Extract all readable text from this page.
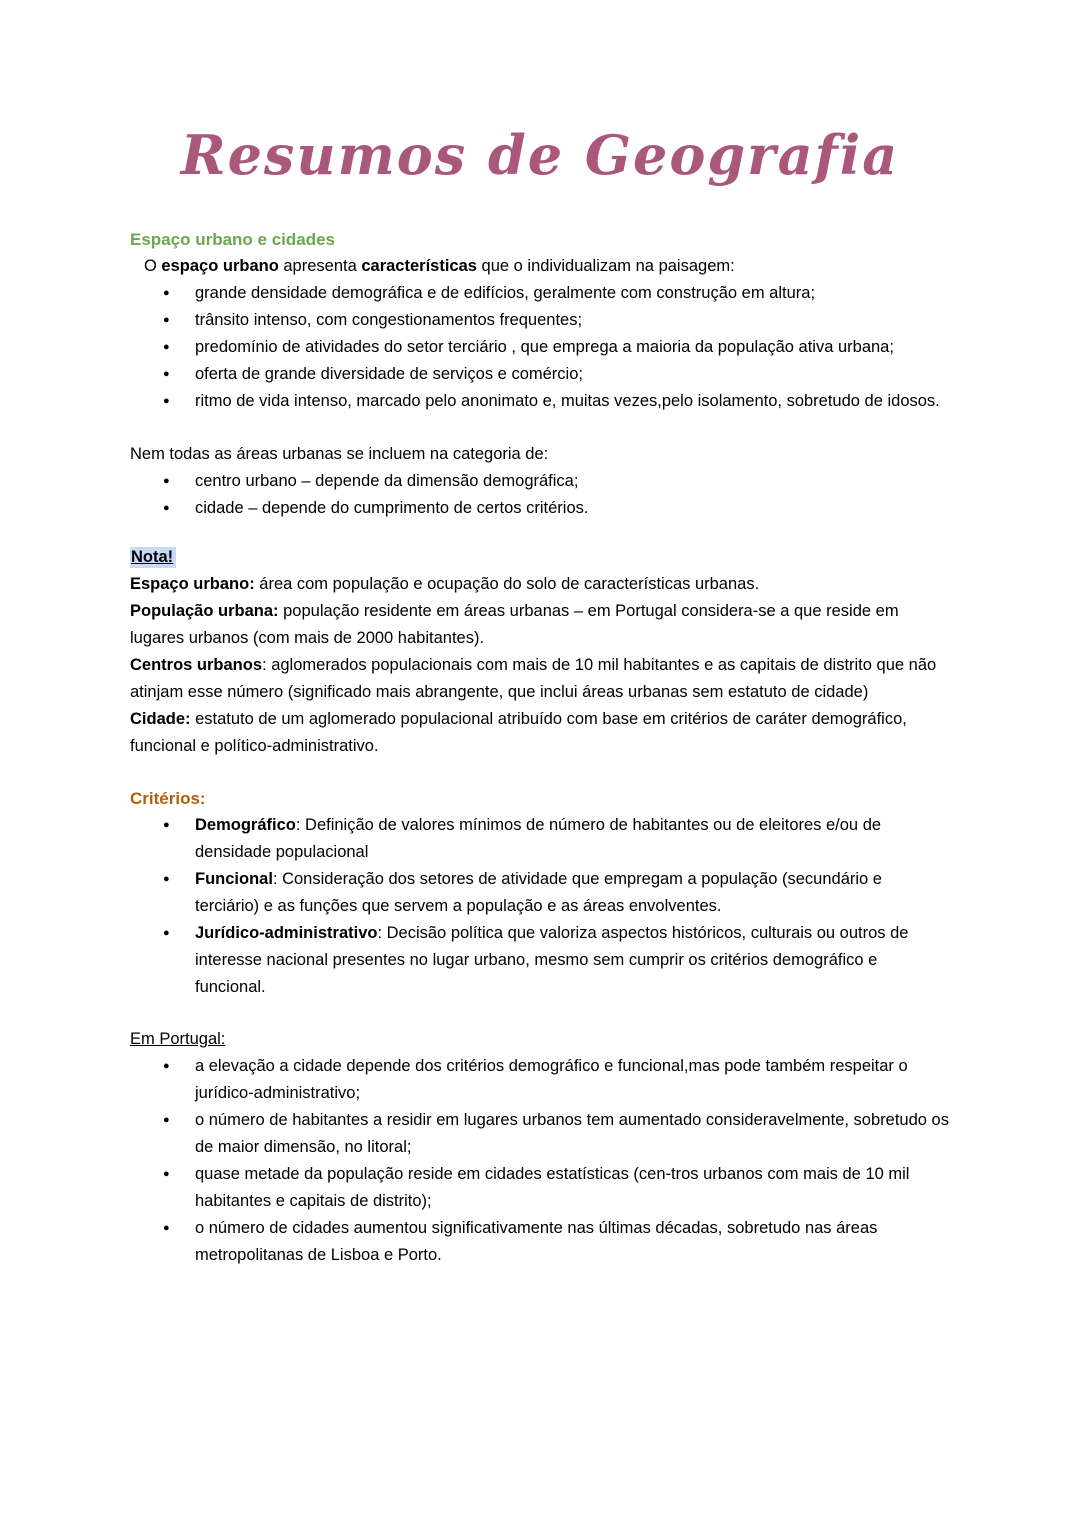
Resumos de Geografia
Espaço urbano e cidades

O espaço urbano apresenta características que o individualizam na paisagem:

● grande densidade demográfica e de edifícios, geralmente com construção em altura;
● trânsito intenso, com congestionamentos frequentes;
● predomínio de atividades do setor terciário , que emprega a maioria da população ativa urbana;
● oferta de grande diversidade de serviços e comércio;
● ritmo de vida intenso, marcado pelo anonimato e, muitas vezes,pelo isolamento, sobretudo de idosos.

Nem todas as áreas urbanas se incluem na categoria de:

● centro urbano – depende da dimensão demográfica;
● cidade – depende do cumprimento de certos critérios.

Nota!

Espaço urbano: área com população e ocupação do solo de características urbanas.

População urbana: população residente em áreas urbanas – em Portugal considera-se a que reside em lugares urbanos (com mais de 2000 habitantes).

Centros urbanos: aglomerados populacionais com mais de 10 mil habitantes e as capitais de distrito que não atinjam esse número (significado mais abrangente, que inclui áreas urbanas sem estatuto de cidade)

Cidade: estatuto de um aglomerado populacional atribuído com base em critérios de caráter demográfico, funcional e político-administrativo.

Critérios:
● Demográfico: Definição de valores mínimos de número de habitantes ou de eleitores e/ou de densidade populacional
● Funcional: Consideração dos setores de atividade que empregam a população (secundário e terciário) e as funções que servem a população e as áreas envolventes.
● Jurídico-administrativo: Decisão política que valoriza aspectos históricos, culturais ou outros de interesse nacional presentes no lugar urbano, mesmo sem cumprir os critérios demográfico e funcional.
Em Portugal:
● a elevação a cidade depende dos critérios demográfico e funcional,mas pode também respeitar o jurídico-administrativo;
● o número de habitantes a residir em lugares urbanos tem aumentado consideravelmente, sobretudo os de maior dimensão, no litoral;
● quase metade da população reside em cidades estatísticas (cen-tros urbanos com mais de 10 mil habitantes e capitais de distrito);
● o número de cidades aumentou significativamente nas últimas décadas, sobretudo nas áreas metropolitanas de Lisboa e Porto.
